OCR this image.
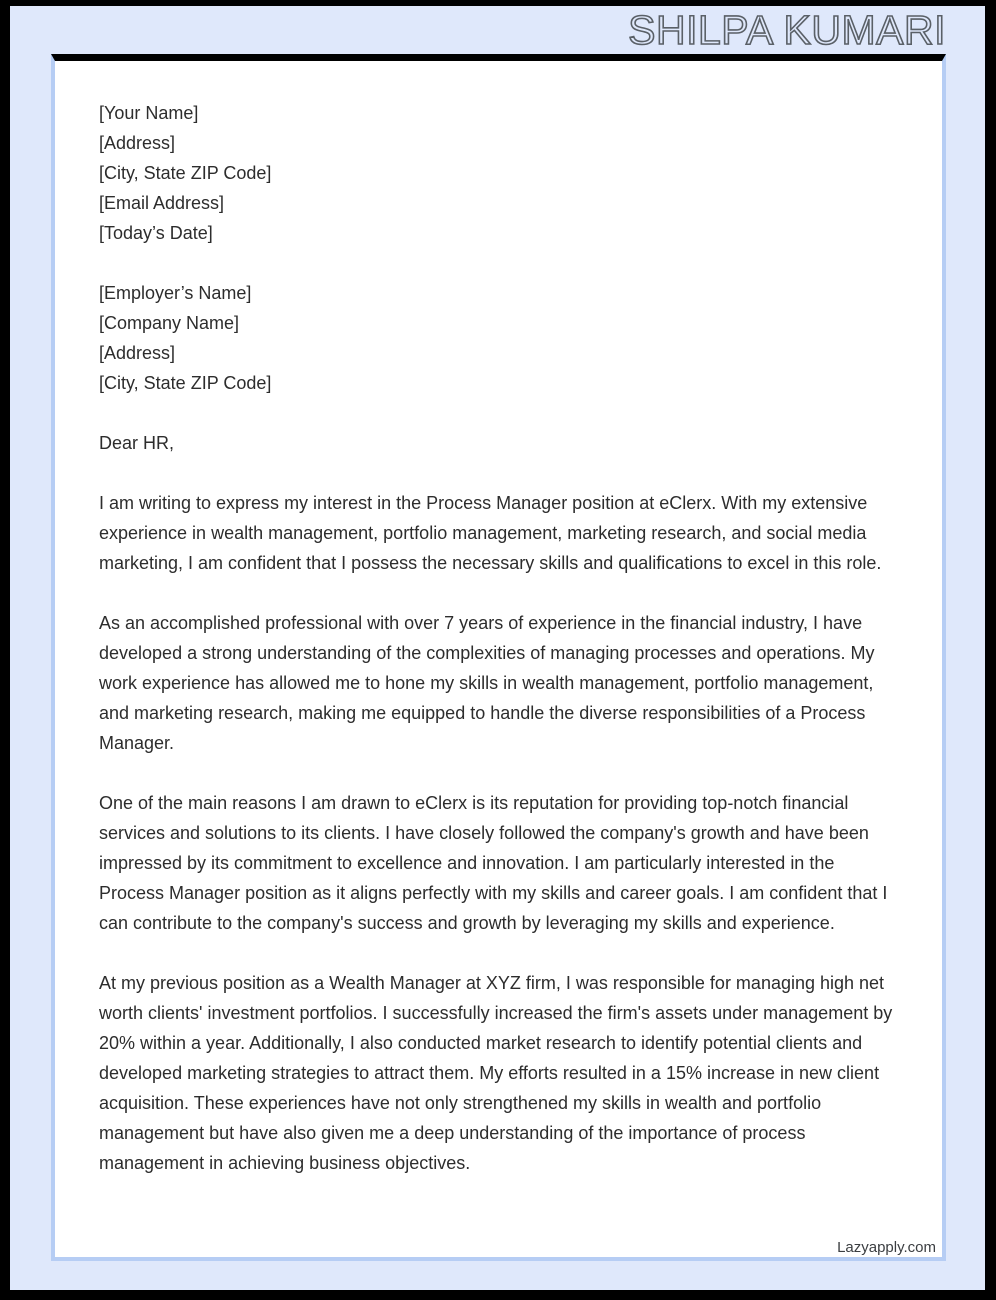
SHILPA KUMARI
[Your Name]
[Address]
[City, State ZIP Code]
[Email Address]
[Today’s Date]
[Employer’s Name]
[Company Name]
[Address]
[City, State ZIP Code]
Dear HR,

I am writing to express my interest in the Process Manager position at eClerx. With my extensive experience in wealth management, portfolio management, marketing research, and social media marketing, I am confident that I possess the necessary skills and qualifications to excel in this role.

As an accomplished professional with over 7 years of experience in the financial industry, I have developed a strong understanding of the complexities of managing processes and operations. My work experience has allowed me to hone my skills in wealth management, portfolio management, and marketing research, making me equipped to handle the diverse responsibilities of a Process Manager.

One of the main reasons I am drawn to eClerx is its reputation for providing top-notch financial services and solutions to its clients. I have closely followed the company's growth and have been impressed by its commitment to excellence and innovation. I am particularly interested in the Process Manager position as it aligns perfectly with my skills and career goals. I am confident that I can contribute to the company's success and growth by leveraging my skills and experience.

At my previous position as a Wealth Manager at XYZ firm, I was responsible for managing high net worth clients' investment portfolios. I successfully increased the firm's assets under management by 20% within a year. Additionally, I also conducted market research to identify potential clients and developed marketing strategies to attract them. My efforts resulted in a 15% increase in new client acquisition. These experiences have not only strengthened my skills in wealth and portfolio management but have also given me a deep understanding of the importance of process management in achieving business objectives.

Lazyapply.com
